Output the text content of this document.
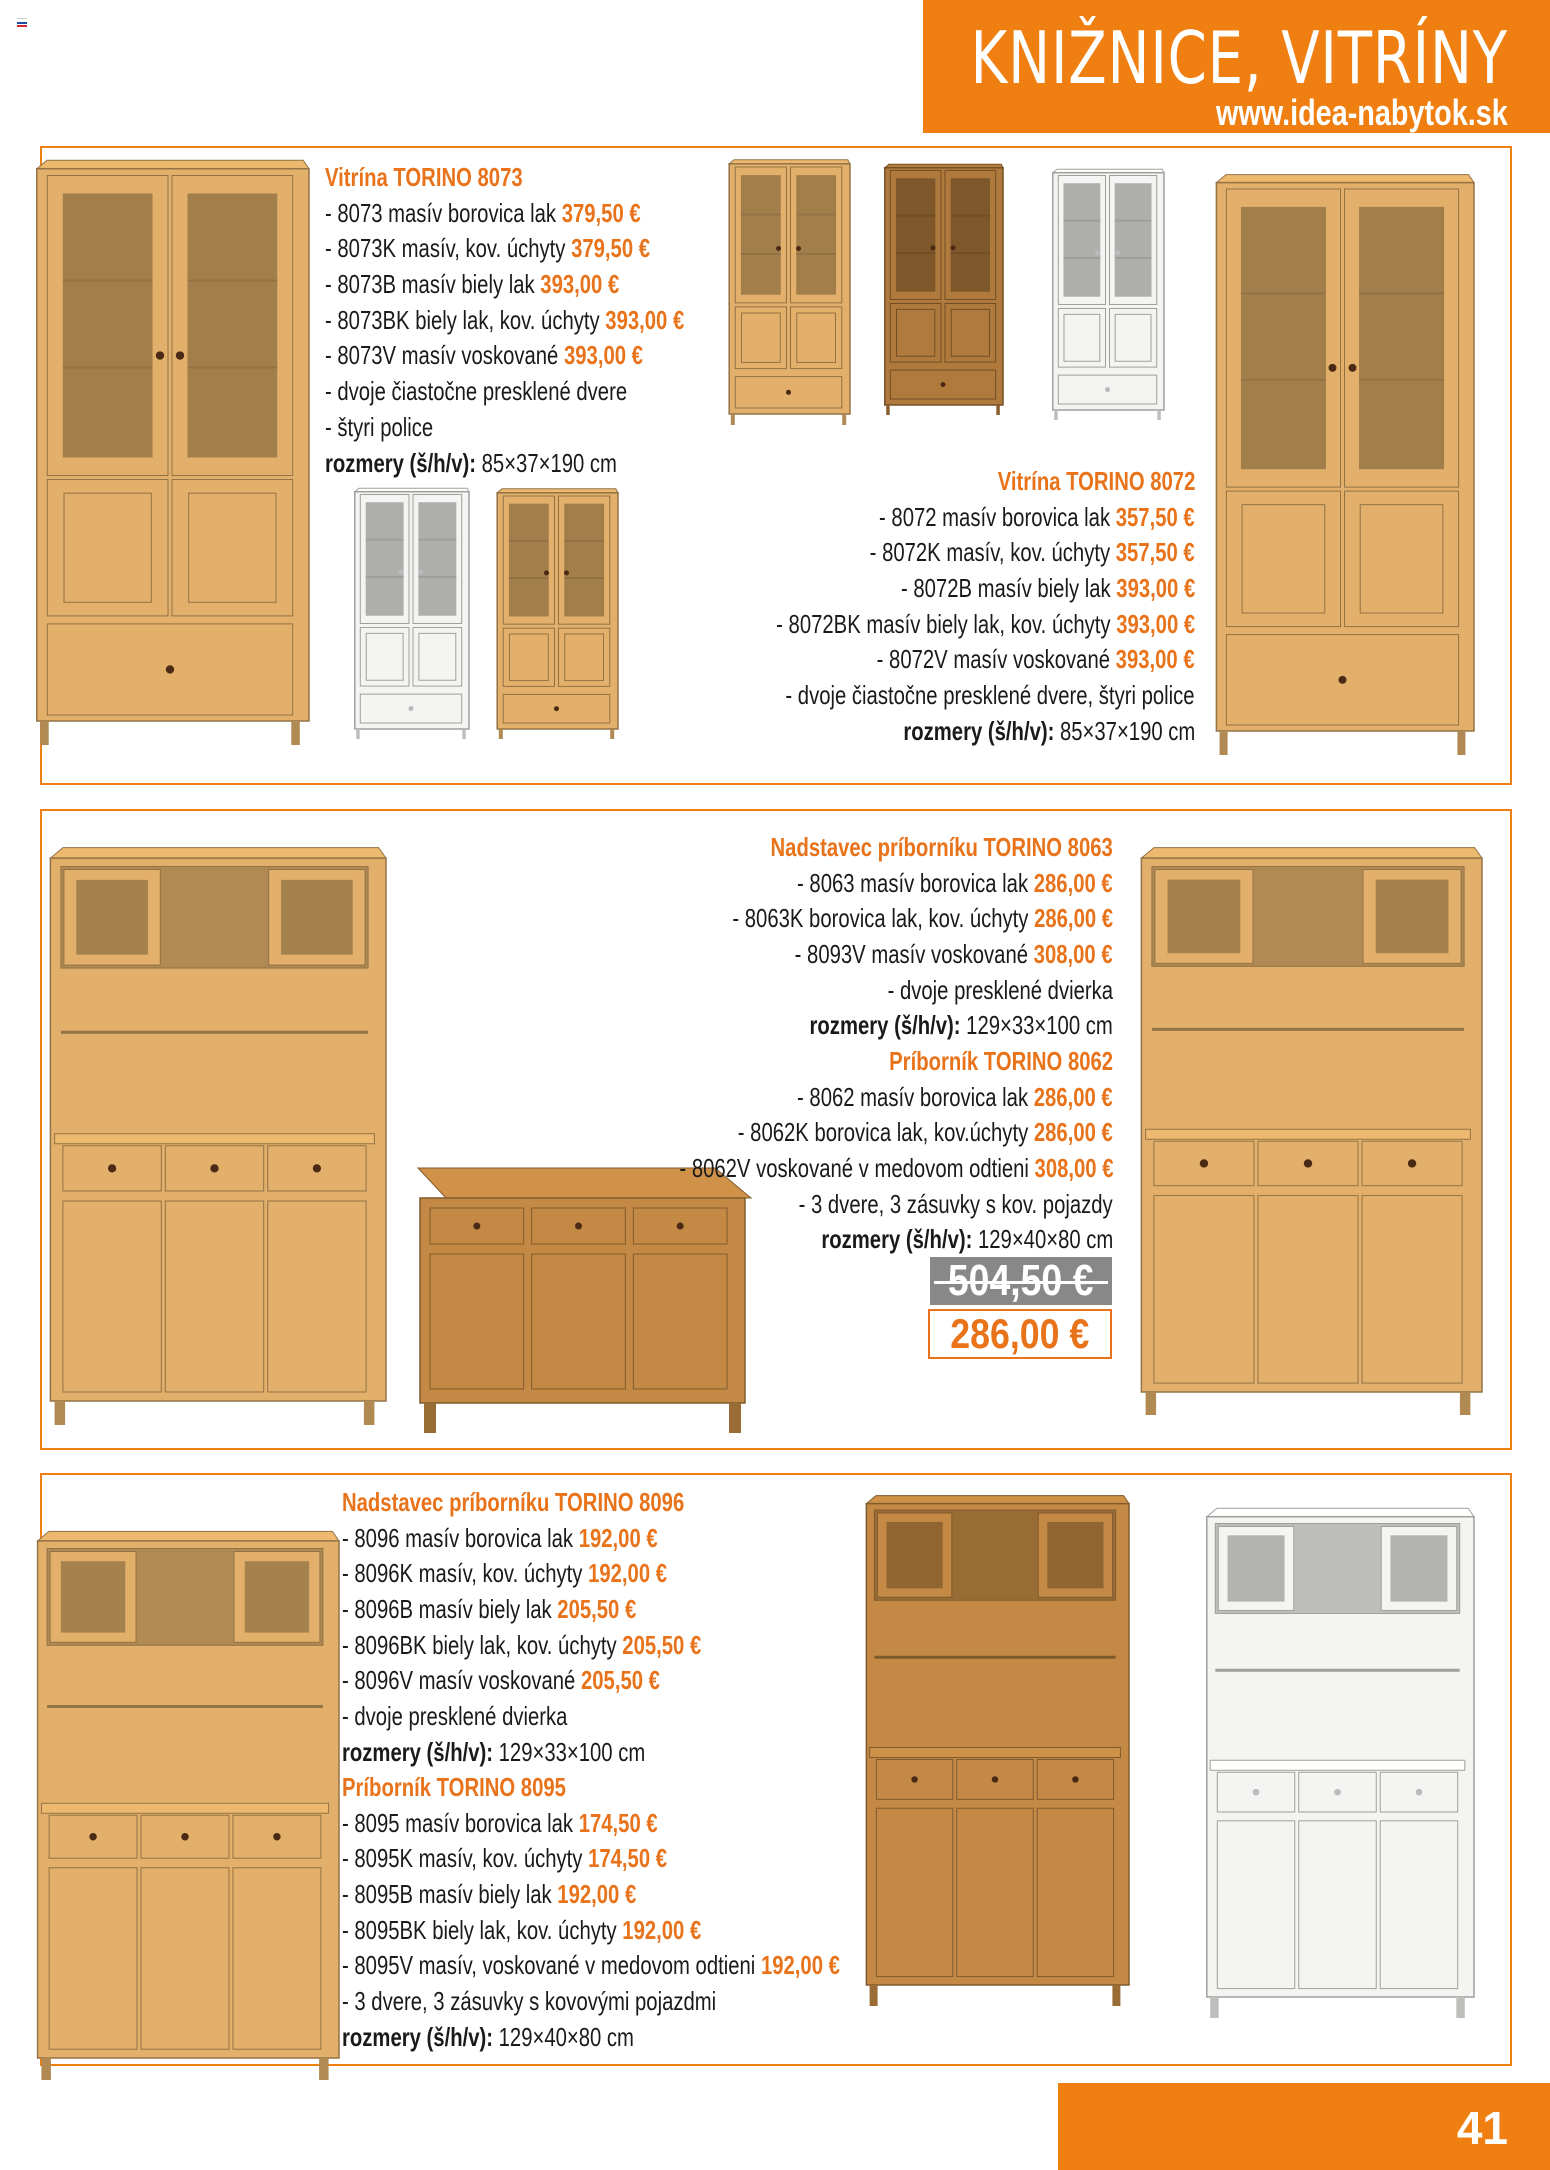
KNIŽNICE, VITRÍNY
www.idea-nabytok.sk
Vitrína TORINO 8073
- 8073 masív borovica lak 379,50 €
- 8073K masív, kov. úchyty 379,50 €
- 8073B masív biely lak 393,00 €
- 8073BK biely lak, kov. úchyty 393,00 €
- 8073V masív voskované 393,00 €
- dvoje čiastočne presklené dvere
- štyri police
rozmery (š/h/v): 85×37×190 cm
Vitrína TORINO 8072
- 8072 masív borovica lak 357,50 €
- 8072K masív, kov. úchyty 357,50 €
- 8072B masív biely lak 393,00 €
- 8072BK masív biely lak, kov. úchyty 393,00 €
- 8072V masív voskované 393,00 €
- dvoje čiastočne presklené dvere, štyri police
rozmery (š/h/v): 85×37×190 cm
Nadstavec príborníku TORINO 8063
- 8063 masív borovica lak 286,00 €
- 8063K borovica lak, kov. úchyty 286,00 €
- 8093V masív voskované 308,00 €
- dvoje presklené dvierka
rozmery (š/h/v): 129×33×100 cm
Príborník TORINO 8062
- 8062 masív borovica lak 286,00 €
- 8062K borovica lak, kov.úchyty 286,00 €
- 8062V voskované v medovom odtieni 308,00 €
- 3 dvere, 3 zásuvky s kov. pojazdy
rozmery (š/h/v): 129×40×80 cm
Nadstavec príborníku TORINO 8096
- 8096 masív borovica lak 192,00 €
- 8096K masív, kov. úchyty 192,00 €
- 8096B masív biely lak 205,50 €
- 8096BK biely lak, kov. úchyty 205,50 €
- 8096V masív voskované 205,50 €
- dvoje presklené dvierka
rozmery (š/h/v): 129×33×100 cm
Príborník TORINO 8095
- 8095 masív borovica lak 174,50 €
- 8095K masív, kov. úchyty 174,50 €
- 8095B masív biely lak 192,00 €
- 8095BK biely lak, kov. úchyty 192,00 €
- 8095V masív, voskované v medovom odtieni 192,00 €
- 3 dvere, 3 zásuvky s kovovými pojazdmi
rozmery (š/h/v): 129×40×80 cm
504,50 €
286,00 €
41
